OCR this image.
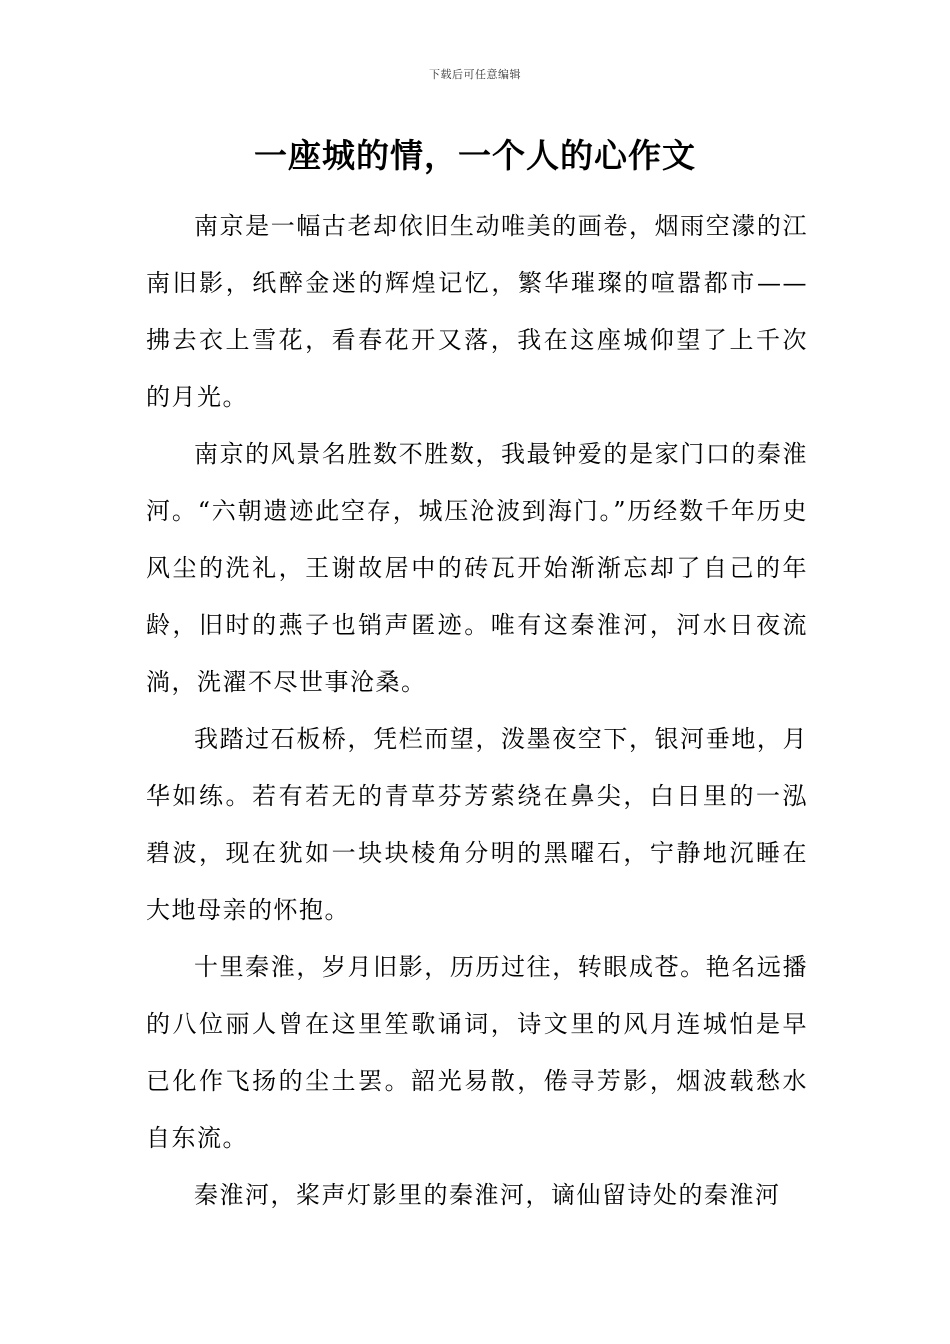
下载后可任意编辑
一座城的情，一个人的心作文

南京是一幅古老却依旧生动唯美的画卷，烟雨空濛的江南旧影，纸醉金迷的辉煌记忆，繁华璀璨的喧嚣都市——拂去衣上雪花，看春花开又落，我在这座城仰望了上千次的月光。

南京的风景名胜数不胜数，我最钟爱的是家门口的秦淮河。“六朝遗迹此空存，城压沧波到海门。”历经数千年历史风尘的洗礼，王谢故居中的砖瓦开始渐渐忘却了自己的年龄，旧时的燕子也销声匿迹。唯有这秦淮河，河水日夜流淌，洗濯不尽世事沧桑。

我踏过石板桥，凭栏而望，泼墨夜空下，银河垂地，月华如练。若有若无的青草芬芳萦绕在鼻尖，白日里的一泓碧波，现在犹如一块块棱角分明的黑曜石，宁静地沉睡在大地母亲的怀抱。

十里秦淮，岁月旧影，历历过往，转眼成苍。艳名远播的八位丽人曾在这里笙歌诵词，诗文里的风月连城怕是早已化作飞扬的尘土罢。韶光易散，倦寻芳影，烟波载愁水自东流。

秦淮河，桨声灯影里的秦淮河，谪仙留诗处的秦淮河
